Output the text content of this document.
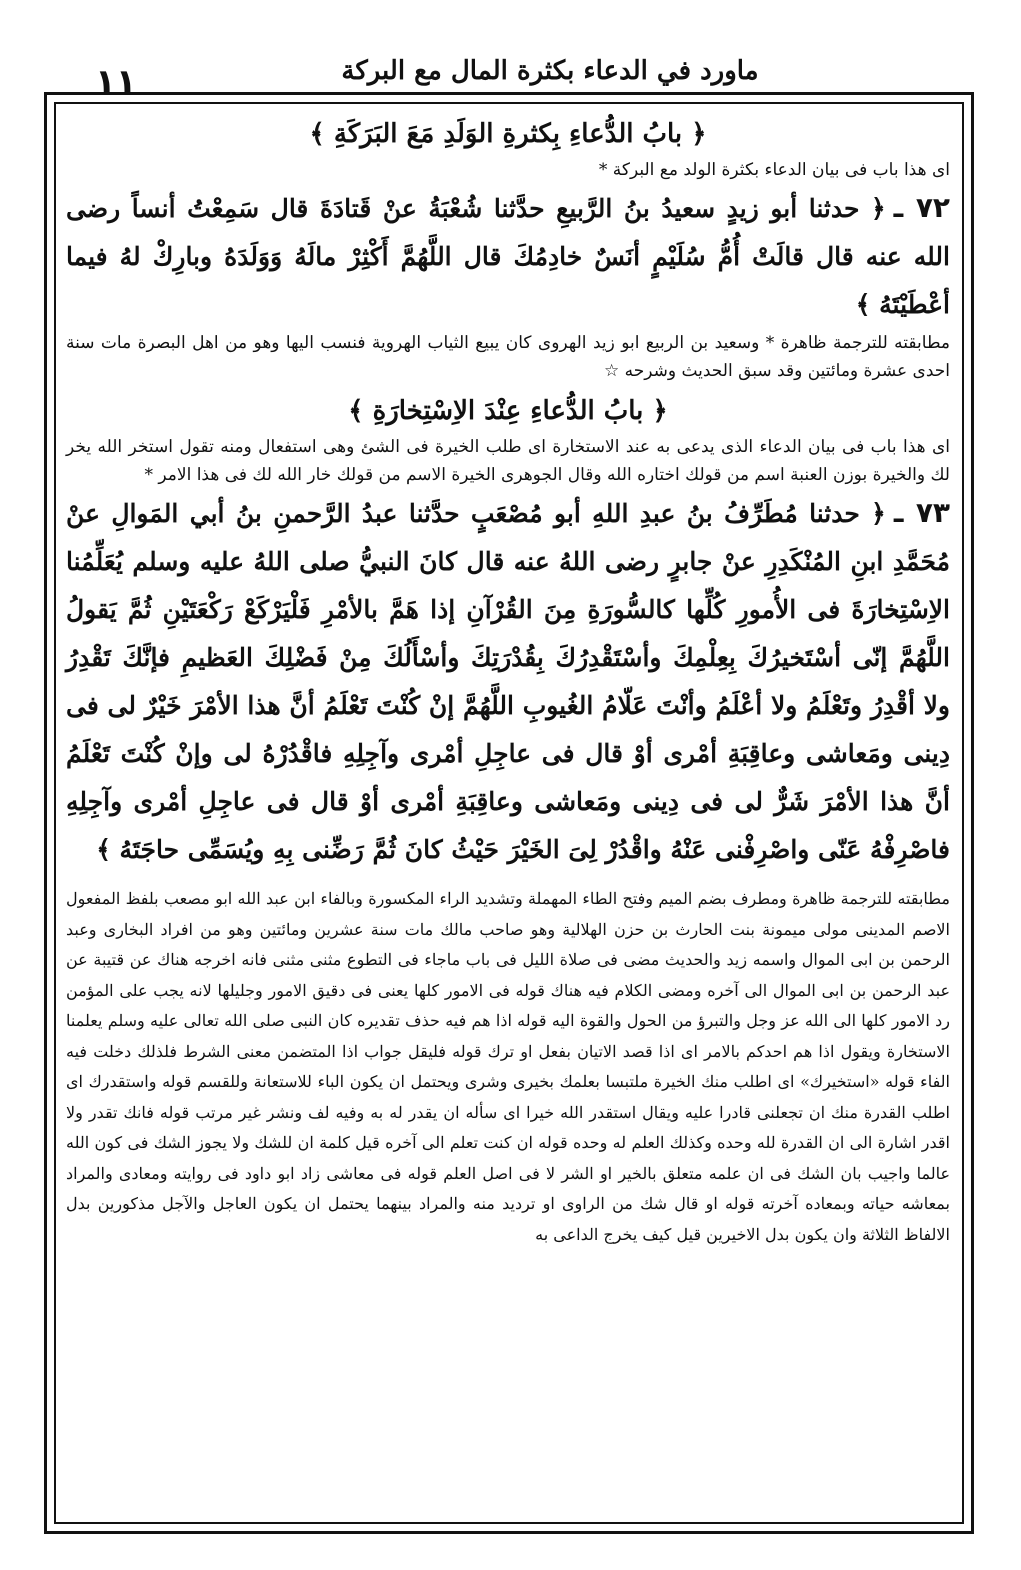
١١	ماورد في الدعاء بكثرة المال مع البركة
﴿ بابُ الدُّعاءِ بِكثرةِ الوَلَدِ مَعَ البَرَكَةِ ﴾

اى هذا باب فى بيان الدعاء بكثرة الولد مع البركة *

٧٢ ـ﴿ حدثنا أبو زيدٍ سعيدُ بنُ الرَّبيعِ حدَّثنا شُعْبَةُ عنْ قَتادَةَ قال سَمِعْتُ أنساً رضى الله عنه قال قالَتْ أُمُّ سُلَيْمٍ أنَسٌ خادِمُكَ قال اللَّهُمَّ أَكْثِرْ مالَهُ وَوَلَدَهُ وبارِكْ لهُ فيما أعْطَيْتَهُ ﴾

مطابقته للترجمة ظاهرة * وسعيد بن الربيع ابو زيد الهروى كان يبيع الثياب الهروية فنسب اليها وهو من اهل البصرة مات سنة احدى عشرة ومائتين وقد سبق الحديث وشرحه ☆

﴿ بابُ الدُّعاءِ عِنْدَ الاِسْتِخارَةِ ﴾

اى هذا باب فى بيان الدعاء الذى يدعى به عند الاستخارة اى طلب الخيرة فى الشئ وهى استفعال ومنه تقول استخر الله يخر لك والخيرة بوزن العنبة اسم من قولك اختاره الله وقال الجوهرى الخيرة الاسم من قولك خار الله لك فى هذا الامر *

٧٣ ـ﴿ حدثنا مُطَرِّفُ بنُ عبدِ اللهِ أبو مُصْعَبٍ حدَّثنا عبدُ الرَّحمنِ بنُ أبي المَوالِ عنْ مُحَمَّدِ ابنِ المُنْكَدِرِ عنْ جابرٍ رضى اللهُ عنه قال كانَ النبيُّ صلى اللهُ عليه وسلم يُعَلِّمُنا الاِسْتِخارَةَ فى الأُمورِ كُلِّها كالسُّورَةِ مِنَ القُرْآنِ إذا هَمَّ بالأمْرِ فَلْيَرْكَعْ رَكْعَتَيْنِ ثُمَّ يَقولُ اللَّهُمَّ إنّى أسْتَخيرُكَ بِعِلْمِكَ وأسْتَقْدِرُكَ بِقُدْرَتِكَ وأسْأَلُكَ مِنْ فَضْلِكَ العَظيمِ فإنَّكَ تَقْدِرُ ولا أقْدِرُ وتَعْلَمُ ولا أعْلَمُ وأنْتَ عَلّامُ الغُيوبِ اللَّهُمَّ إنْ كُنْتَ تَعْلَمُ أنَّ هذا الأمْرَ خَيْرٌ لى فى دِينى ومَعاشى وعاقِبَةِ أمْرى أوْ قال فى عاجِلِ أمْرى وآجِلِهِ فاقْدُرْهُ لى وإنْ كُنْتَ تَعْلَمُ أنَّ هذا الأمْرَ شَرٌّ لى فى دِينى ومَعاشى وعاقِبَةِ أمْرى أوْ قال فى عاجِلِ أمْرى وآجِلِهِ فاصْرِفْهُ عَنّى واصْرِفْنى عَنْهُ واقْدُرْ لِىَ الخَيْرَ حَيْثُ كانَ ثُمَّ رَضِّنى بِهِ ويُسَمِّى حاجَتَهُ ﴾

مطابقته للترجمة ظاهرة ومطرف بضم الميم وفتح الطاء المهملة وتشديد الراء المكسورة وبالفاء ابن عبد الله ابو مصعب بلفظ المفعول الاصم المدينى مولى ميمونة بنت الحارث بن حزن الهلالية وهو صاحب مالك مات سنة عشرين ومائتين وهو من افراد البخارى وعبد الرحمن بن ابى الموال واسمه زيد والحديث مضى فى صلاة الليل فى باب ماجاء فى التطوع مثنى مثنى فانه اخرجه هناك عن قتيبة عن عبد الرحمن بن ابى الموال الى آخره ومضى الكلام فيه هناك قوله فى الامور كلها يعنى فى دقيق الامور وجليلها لانه يجب على المؤمن رد الامور كلها الى الله عز وجل والتبرؤ من الحول والقوة اليه قوله اذا هم فيه حذف تقديره كان النبى صلى الله تعالى عليه وسلم يعلمنا الاستخارة ويقول اذا هم احدكم بالامر اى اذا قصد الاتيان بفعل او ترك قوله فليقل جواب اذا المتضمن معنى الشرط فلذلك دخلت فيه الفاء قوله «استخيرك» اى اطلب منك الخيرة ملتبسا بعلمك بخيرى وشرى ويحتمل ان يكون الباء للاستعانة وللقسم قوله واستقدرك اى اطلب القدرة منك ان تجعلنى قادرا عليه ويقال استقدر الله خيرا اى سأله ان يقدر له به وفيه لف ونشر غير مرتب قوله فانك تقدر ولا اقدر اشارة الى ان القدرة لله وحده وكذلك العلم له وحده قوله ان كنت تعلم الى آخره قيل كلمة ان للشك ولا يجوز الشك فى كون الله عالما واجيب بان الشك فى ان علمه متعلق بالخير او الشر لا فى اصل العلم قوله فى معاشى زاد ابو داود فى روايته ومعادى والمراد بمعاشه حياته وبمعاده آخرته قوله او قال شك من الراوى او ترديد منه والمراد بينهما يحتمل ان يكون العاجل والآجل مذكورين بدل الالفاظ الثلاثة وان يكون بدل الاخيرين قيل كيف يخرج الداعى به
